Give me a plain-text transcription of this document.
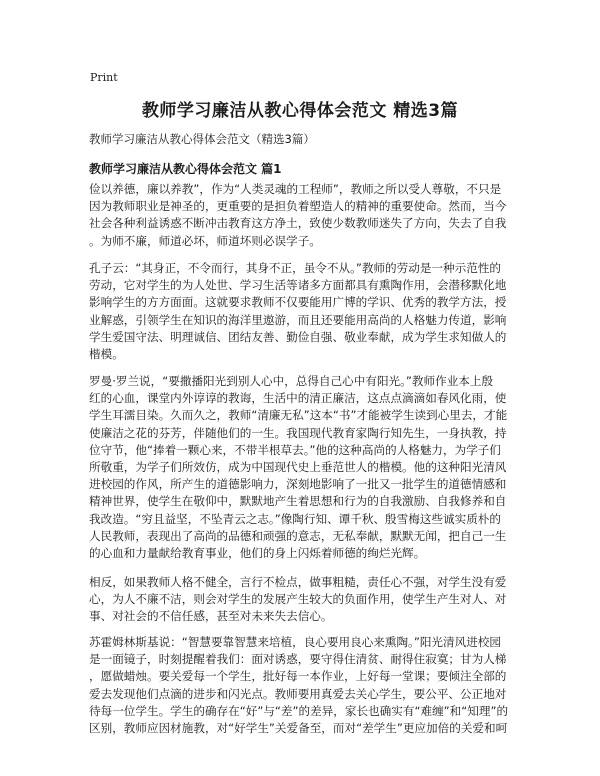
Print
教师学习廉洁从教心得体会范文 精选3篇
教师学习廉洁从教心得体会范文（精选3篇）
教师学习廉洁从教心得体会范文 篇1
俭以养德，廉以养教”，作为“人类灵魂的工程师”，教师之所以受人尊敬，不只是
因为教师职业是神圣的，更重要的是担负着塑造人的精神的重要使命。然而，当今
社会各种利益诱惑不断冲击教育这方净土，致使少数教师迷失了方向，失去了自我
。为师不廉，师道必坏，师道坏则必误学子。
孔子云：“其身正，不令而行，其身不正，虽令不从。”教师的劳动是一种示范性的
劳动，它对学生的为人处世、学习生活等诸多方面都具有熏陶作用，会潜移默化地
影响学生的方方面面。这就要求教师不仅要能用广博的学识、优秀的教学方法，授
业解惑，引领学生在知识的海洋里遨游，而且还要能用高尚的人格魅力传道，影响
学生爱国守法、明理诚信、团结友善、勤俭自强、敬业奉献，成为学生求知做人的
楷模。
罗曼·罗兰说，“要撒播阳光到别人心中，总得自己心中有阳光。”教师作业本上殷
红的心血，课堂内外谆谆的教诲，生活中的清正廉洁，这点点滴滴如春风化雨，使
学生耳濡目染。久而久之，教师“清廉无私”这本“书”才能被学生读到心里去，才能
使廉洁之花的芬芳，伴随他们的一生。我国现代教育家陶行知先生，一身执教，持
位守节，他“捧着一颗心来，不带半根草去。”他的这种高尚的人格魅力，为学子们
所敬重，为学子们所效仿，成为中国现代史上垂范世人的楷模。他的这种阳光清风
进校园的作风，所产生的道德影响力，深刻地影响了一批又一批学生的道德情感和
精神世界，使学生在敬仰中，默默地产生着思想和行为的自我激励、自我修养和自
我改造。“穷且益坚，不坠青云之志。”像陶行知、谭千秋、殷雪梅这些诚实质朴的
人民教师，表现出了高尚的品德和顽强的意志，无私奉献，默默无闻，把自己一生
的心血和力量献给教育事业，他们的身上闪烁着师德的绚烂光辉。
相反，如果教师人格不健全，言行不检点，做事粗糙，责任心不强，对学生没有爱
心，为人不廉不洁，则会对学生的发展产生较大的负面作用，使学生产生对人、对
事、对社会的不信任感，甚至对未来失去信心。
苏霍姆林斯基说：“智慧要靠智慧来培植，良心要用良心来熏陶。”阳光清风进校园
是一面镜子，时刻提醒着我们：面对诱惑，要守得住清贫、耐得住寂寞；甘为人梯
，愿做蜡烛。要关爱每一个学生，批好每一本作业，上好每一堂课；要倾注全部的
爱去发现他们点滴的进步和闪光点。教师要用真爱去关心学生，要公平、公正地对
待每一位学生。学生的确存在“好”与“差”的差异，家长也确实有“难缠”和“知理”的
区别，教师应因材施教，对“好学生”关爱备至，而对“差学生”更应加倍的关爱和呵
